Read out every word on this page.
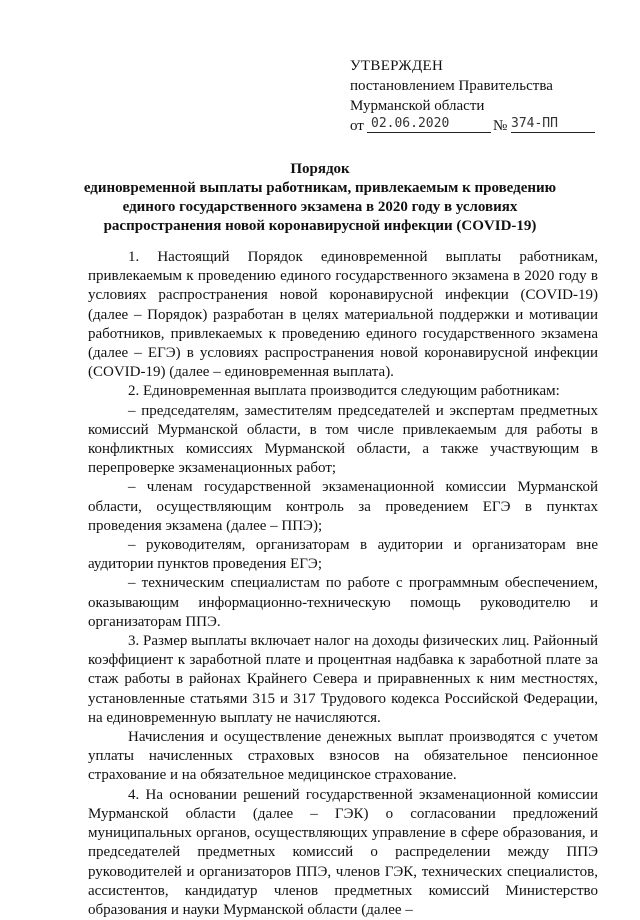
УТВЕРЖДЕН
постановлением Правительства
Мурманской области
от 02.06.2020	№ 374-ПП
Порядок
единовременной выплаты работникам, привлекаемым к проведению
единого государственного экзамена в 2020 году в условиях
распространения новой коронавирусной инфекции (COVID-19)

1. Настоящий Порядок единовременной выплаты работникам, привлекаемым к проведению единого государственного экзамена в 2020 году в условиях распространения новой коронавирусной инфекции (COVID-19) (далее – Порядок) разработан в целях материальной поддержки и мотивации работников, привлекаемых к проведению единого государственного экзамена (далее – ЕГЭ) в условиях распространения новой коронавирусной инфекции (COVID-19) (далее – единовременная выплата).

2. Единовременная выплата производится следующим работникам:

– председателям, заместителям председателей и экспертам предметных комиссий Мурманской области, в том числе привлекаемым для работы в конфликтных комиссиях Мурманской области, а также участвующим в перепроверке экзаменационных работ;

– членам государственной экзаменационной комиссии Мурманской области, осуществляющим контроль за проведением ЕГЭ в пунктах проведения экзамена (далее – ППЭ);

– руководителям, организаторам в аудитории и организаторам вне аудитории пунктов проведения ЕГЭ;

– техническим специалистам по работе с программным обеспечением, оказывающим информационно-техническую помощь руководителю и организаторам ППЭ.

3. Размер выплаты включает налог на доходы физических лиц. Районный коэффициент к заработной плате и процентная надбавка к заработной плате за стаж работы в районах Крайнего Севера и приравненных к ним местностях, установленные статьями 315 и 317 Трудового кодекса Российской Федерации, на единовременную выплату не начисляются.

Начисления и осуществление денежных выплат производятся с учетом уплаты начисленных страховых взносов на обязательное пенсионное страхование и на обязательное медицинское страхование.

4. На основании решений государственной экзаменационной комиссии Мурманской области (далее – ГЭК) о согласовании предложений муниципальных органов, осуществляющих управление в сфере образования, и председателей предметных комиссий о распределении между ППЭ руководителей и организаторов ППЭ, членов ГЭК, технических специалистов, ассистентов, кандидатур членов предметных комиссий Министерство образования и науки Мурманской области (далее –
